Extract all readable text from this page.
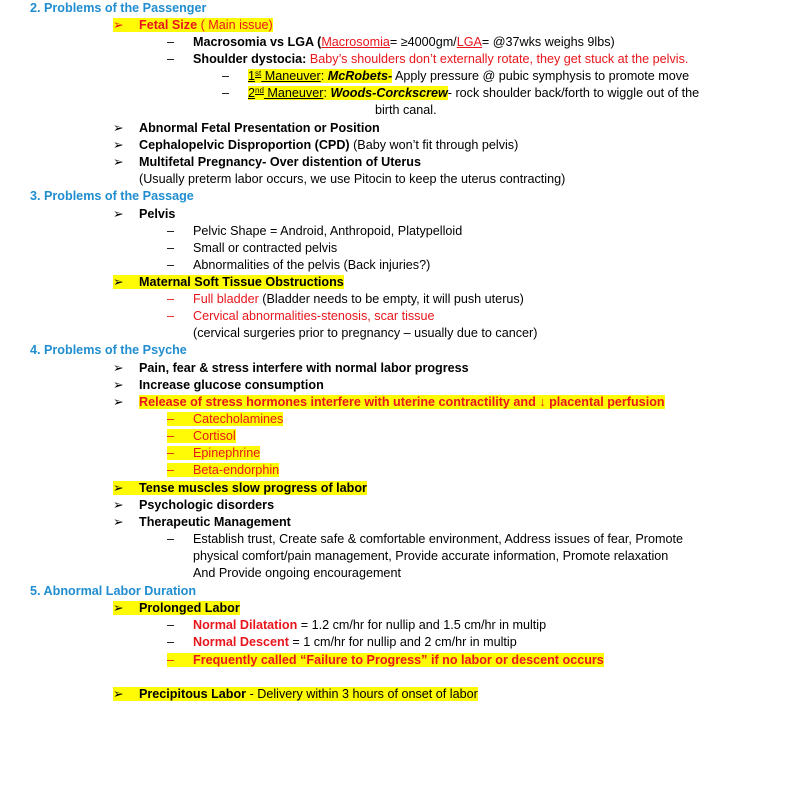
2. Problems of the Passenger
➢ Fetal Size ( Main issue)
– Macrosomia vs LGA (Macrosomia= ≥4000gm/LGA= @37wks weighs 9lbs)
– Shoulder dystocia: Baby’s shoulders don’t externally rotate, they get stuck at the pelvis.
– 1st Maneuver: McRobets- Apply pressure @ pubic symphysis to promote move
– 2nd Maneuver: Woods-Corckscrew- rock shoulder back/forth to wiggle out of the
birth canal.
➢ Abnormal Fetal Presentation or Position
➢ Cephalopelvic Disproportion (CPD) (Baby won’t fit through pelvis)
➢ Multifetal Pregnancy- Over distention of Uterus
(Usually preterm labor occurs, we use Pitocin to keep the uterus contracting)
3. Problems of the Passage
➢ Pelvis
– Pelvic Shape = Android, Anthropoid, Platypelloid
– Small or contracted pelvis
– Abnormalities of the pelvis (Back injuries?)
➢ Maternal Soft Tissue Obstructions
– Full bladder (Bladder needs to be empty, it will push uterus)
– Cervical abnormalities-stenosis, scar tissue
(cervical surgeries prior to pregnancy – usually due to cancer)
4. Problems of the Psyche
➢ Pain, fear & stress interfere with normal labor progress
➢ Increase glucose consumption
➢ Release of stress hormones interfere with uterine contractility and ↓ placental perfusion
– Catecholamines
– Cortisol
– Epinephrine
– Beta-endorphin
➢ Tense muscles slow progress of labor
➢ Psychologic disorders
➢ Therapeutic Management
– Establish trust, Create safe & comfortable environment, Address issues of fear, Promote
physical comfort/pain management, Provide accurate information, Promote relaxation
And Provide ongoing encouragement
5. Abnormal Labor Duration
➢ Prolonged Labor
– Normal Dilatation = 1.2 cm/hr for nullip and 1.5 cm/hr in multip
– Normal Descent = 1 cm/hr for nullip and 2 cm/hr in multip
– Frequently called “Failure to Progress” if no labor or descent occurs
➢ Precipitous Labor - Delivery within 3 hours of onset of labor
